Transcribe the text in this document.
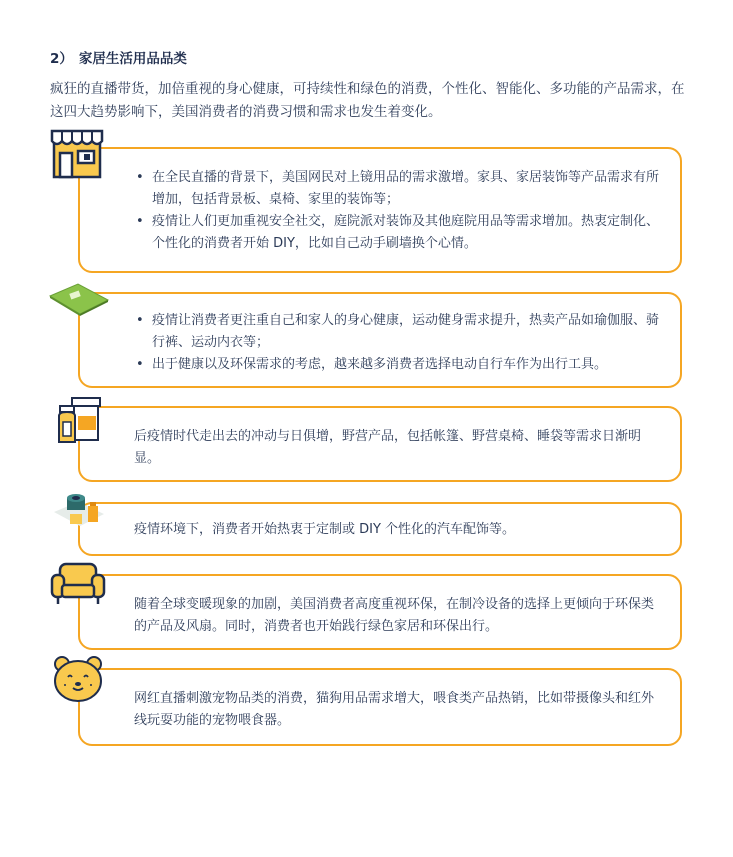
2） 家居生活用品品类
疯狂的直播带货，加倍重视的身心健康，可持续性和绿色的消费，个性化、智能化、多功能的产品需求，在这四大趋势影响下，美国消费者的消费习惯和需求也发生着变化。
• 在全民直播的背景下，美国网民对上镜用品的需求激增。家具、家居装饰等产品需求有所增加，包括背景板、桌椅、家里的装饰等；
• 疫情让人们更加重视安全社交，庭院派对装饰及其他庭院用品等需求增加。热衷定制化、个性化的消费者开始 DIY，比如自己动手刷墙换个心情。
• 疫情让消费者更注重自己和家人的身心健康，运动健身需求提升，热卖产品如瑜伽服、骑行裤、运动内衣等；
• 出于健康以及环保需求的考虑，越来越多消费者选择电动自行车作为出行工具。

后疫情时代走出去的冲动与日俱增，野营产品，包括帐篷、野营桌椅、睡袋等需求日渐明显。

疫情环境下，消费者开始热衷于定制或 DIY 个性化的汽车配饰等。

随着全球变暖现象的加剧，美国消费者高度重视环保，在制冷设备的选择上更倾向于环保类的产品及风扇。同时，消费者也开始践行绿色家居和环保出行。

网红直播刺激宠物品类的消费，猫狗用品需求增大，喂食类产品热销，比如带摄像头和红外线玩耍功能的宠物喂食器。
